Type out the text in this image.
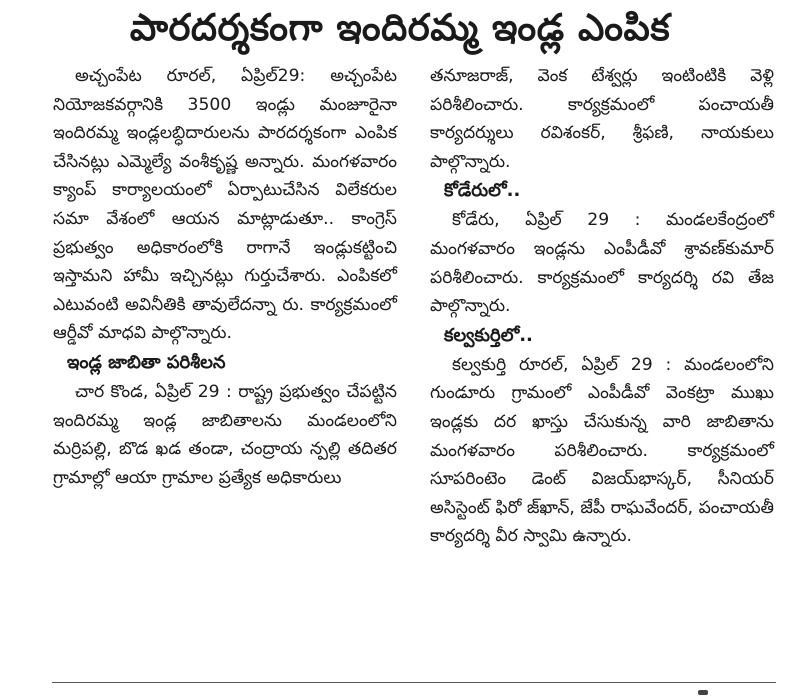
పారదర్శకంగా ఇందిరమ్మ ఇండ్ల ఎంపిక

అచ్చంపేట రూరల్, ఏప్రిల్29: అచ్చంపేట నియోజకవర్గానికి 3500 ఇండ్లు మంజూరైనా ఇందిరమ్మ ఇండ్లలబ్ధిదారులను పారదర్శకంగా ఎంపిక చేసినట్లు ఎమ్మెల్యే వంశీకృష్ణ అన్నారు. మంగళవారం క్యాంప్ కార్యాలయంలో ఏర్పాటుచేసిన విలేకరుల సమా వేశంలో ఆయన మాట్లాడుతూ.. కాంగ్రెస్ ప్రభుత్వం అధికారంలోకి రాగానే ఇండ్లుకట్టించి ఇస్తామని హామీ ఇచ్చినట్లు గుర్తుచేశారు. ఎంపికలో ఎటువంటి అవినీతికి తావులేదన్నా రు. కార్యక్రమంలో ఆర్డీవో మాధవి పాల్గొన్నారు.

ఇండ్ల జాబితా పరిశీలన

చార కొండ, ఏప్రిల్ 29 : రాష్ట్ర ప్రభుత్వం చేపట్టిన ఇందిరమ్మ ఇండ్ల జాబితాలను మండలంలోని మర్రిపల్లి, బొడ ఖడ తండా, చంద్రాయ న్పల్లి తదితర గ్రామాల్లో ఆయా గ్రామాల ప్రత్యేక అధికారులు

తనూజరాజ్, వెంక టేశ్వర్లు ఇంటింటికి వెళ్లి పరిశీలించారు. కార్యక్రమంలో పంచాయతీ కార్యదర్శులు రవిశంకర్, శ్రీఫణి, నాయకులు పాల్గొన్నారు.

కోడేరులో..

కోడేరు, ఏప్రిల్ 29 : మండలకేంద్రంలో మంగళవారం ఇండ్లను ఎంపీడీవో శ్రావణ్‌కుమార్ పరిశీలించారు. కార్యక్రమంలో కార్యదర్శి రవి తేజ పాల్గొన్నారు.

కల్వకుర్తిలో..

కల్వకుర్తి రూరల్, ఏప్రిల్ 29 : మండలంలోని గుండూరు గ్రామంలో ఎంపీడీవో వెంకట్రా ముఖు ఇండ్లకు దర ఖాస్తు చేసుకున్న వారి జాబితాను మంగళవారం పరిశీలించారు. కార్యక్రమంలో సూపరింటెం డెంట్ విజయ్‌భాస్కర్, సీనియర్ అసిస్టెంట్ ఫిరో జ్‌ఖాన్, జేపీ రాఘవేందర్, పంచాయతీ కార్యదర్శి వీర స్వామి ఉన్నారు.
